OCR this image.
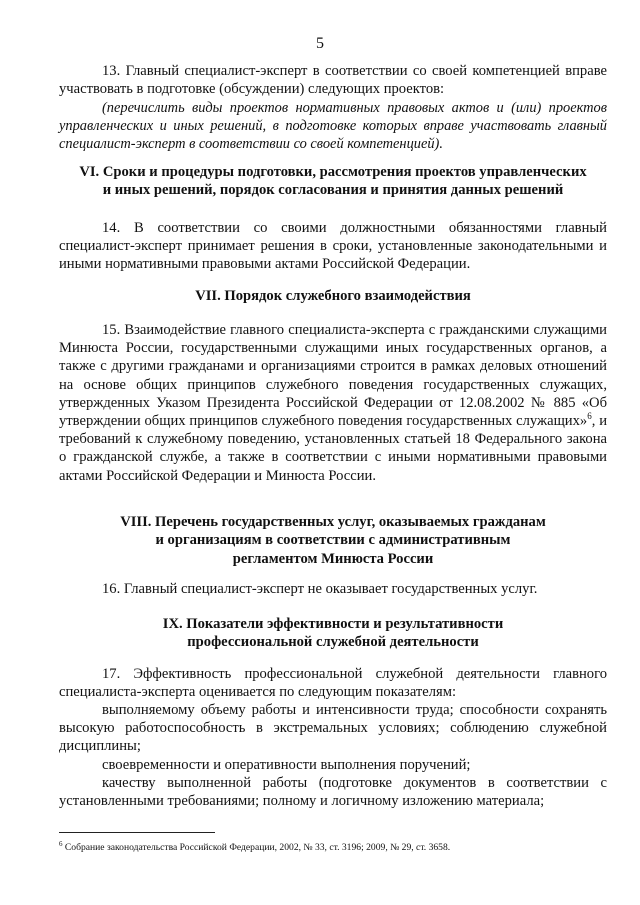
5
13. Главный специалист-эксперт в соответствии со своей компетенцией вправе участвовать в подготовке (обсуждении) следующих проектов:
(перечислить виды проектов нормативных правовых актов и (или) проектов управленческих и иных решений, в подготовке которых вправе участвовать главный специалист-эксперт в соответствии со своей компетенцией).
VI. Сроки и процедуры подготовки, рассмотрения проектов управленческих
и иных решений, порядок согласования и принятия данных решений
14. В соответствии со своими должностными обязанностями главный специалист-эксперт принимает решения в сроки, установленные законодательными и иными нормативными правовыми актами Российской Федерации.
VII. Порядок служебного взаимодействия
15. Взаимодействие главного специалиста-эксперта с гражданскими служащими Минюста России, государственными служащими иных государственных органов, а также с другими гражданами и организациями строится в рамках деловых отношений на основе общих принципов служебного поведения государственных служащих, утвержденных Указом Президента Российской Федерации от 12.08.2002 № 885 «Об утверждении общих принципов служебного поведения государственных служащих»$^6$, и требований к служебному поведению, установленных статьей 18 Федерального закона о гражданской службе, а также в соответствии с иными нормативными правовыми актами Российской Федерации и Минюста России.
VIII. Перечень государственных услуг, оказываемых гражданам
и организациям в соответствии с административным
регламентом Минюста России
16. Главный специалист-эксперт не оказывает государственных услуг.
IX. Показатели эффективности и результативности
профессиональной служебной деятельности
17. Эффективность профессиональной служебной деятельности главного специалиста-эксперта оценивается по следующим показателям:
выполняемому объему работы и интенсивности труда; способности сохранять высокую работоспособность в экстремальных условиях; соблюдению служебной дисциплины;
своевременности и оперативности выполнения поручений;
качеству выполненной работы (подготовке документов в соответствии с установленными требованиями; полному и логичному изложению материала;
$^6$ Собрание законодательства Российской Федерации, 2002, № 33, ст. 3196; 2009, № 29, ст. 3658.
